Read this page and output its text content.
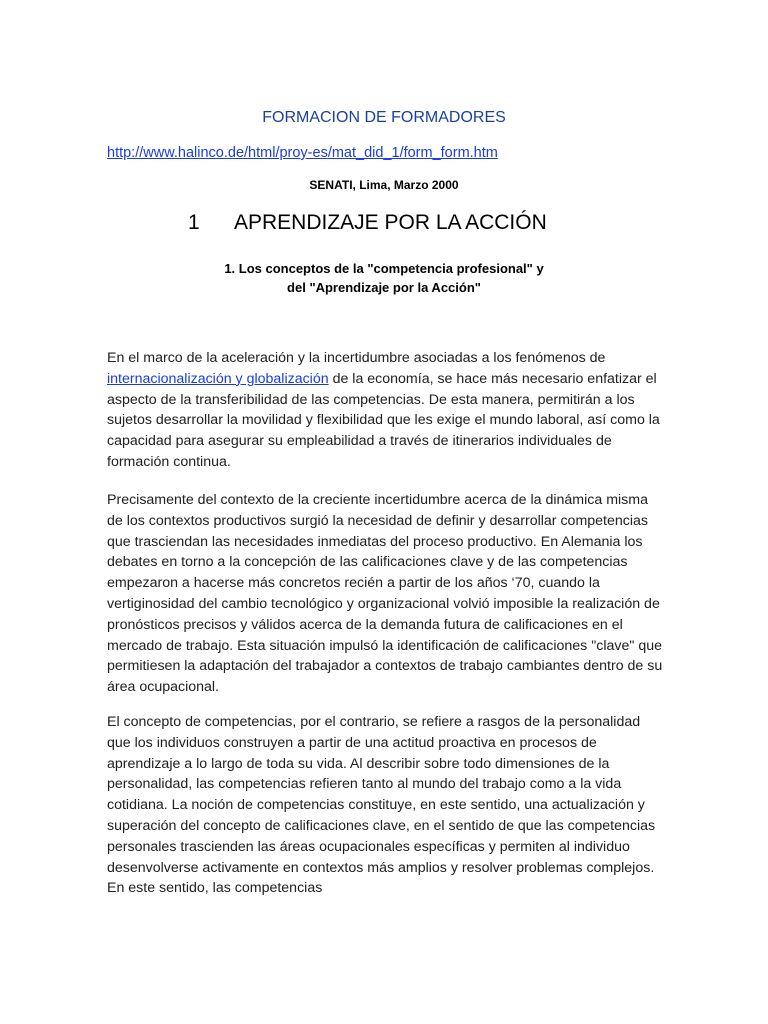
FORMACION DE FORMADORES
http://www.halinco.de/html/proy-es/mat_did_1/form_form.htm
SENATI, Lima, Marzo 2000
1 APRENDIZAJE POR LA ACCIÓN
1. Los conceptos de la "competencia profesional" y
del "Aprendizaje por la Acción"

En el marco de la aceleración y la incertidumbre asociadas a los fenómenos de internacionalización y globalización de la economía, se hace más necesario enfatizar el aspecto de la transferibilidad de las competencias. De esta manera, permitirán a los sujetos desarrollar la movilidad y flexibilidad que les exige el mundo laboral, así como la capacidad para asegurar su empleabilidad a través de itinerarios individuales de formación continua.

Precisamente del contexto de la creciente incertidumbre acerca de la dinámica misma de los contextos productivos surgió la necesidad de definir y desarrollar competencias que trasciendan las necesidades inmediatas del proceso productivo. En Alemania los debates en torno a la concepción de las calificaciones clave y de las competencias empezaron a hacerse más concretos recién a partir de los años ‘70, cuando la vertiginosidad del cambio tecnológico y organizacional volvió imposible la realización de pronósticos precisos y válidos acerca de la demanda futura de calificaciones en el mercado de trabajo. Esta situación impulsó la identificación de calificaciones "clave" que permitiesen la adaptación del trabajador a contextos de trabajo cambiantes dentro de su área ocupacional.

El concepto de competencias, por el contrario, se refiere a rasgos de la personalidad que los individuos construyen a partir de una actitud proactiva en procesos de aprendizaje a lo largo de toda su vida. Al describir sobre todo dimensiones de la personalidad, las competencias refieren tanto al mundo del trabajo como a la vida cotidiana. La noción de competencias constituye, en este sentido, una actualización y superación del concepto de calificaciones clave, en el sentido de que las competencias personales trascienden las áreas ocupacionales específicas y permiten al individuo desenvolverse activamente en contextos más amplios y resolver problemas complejos. En este sentido, las competencias
